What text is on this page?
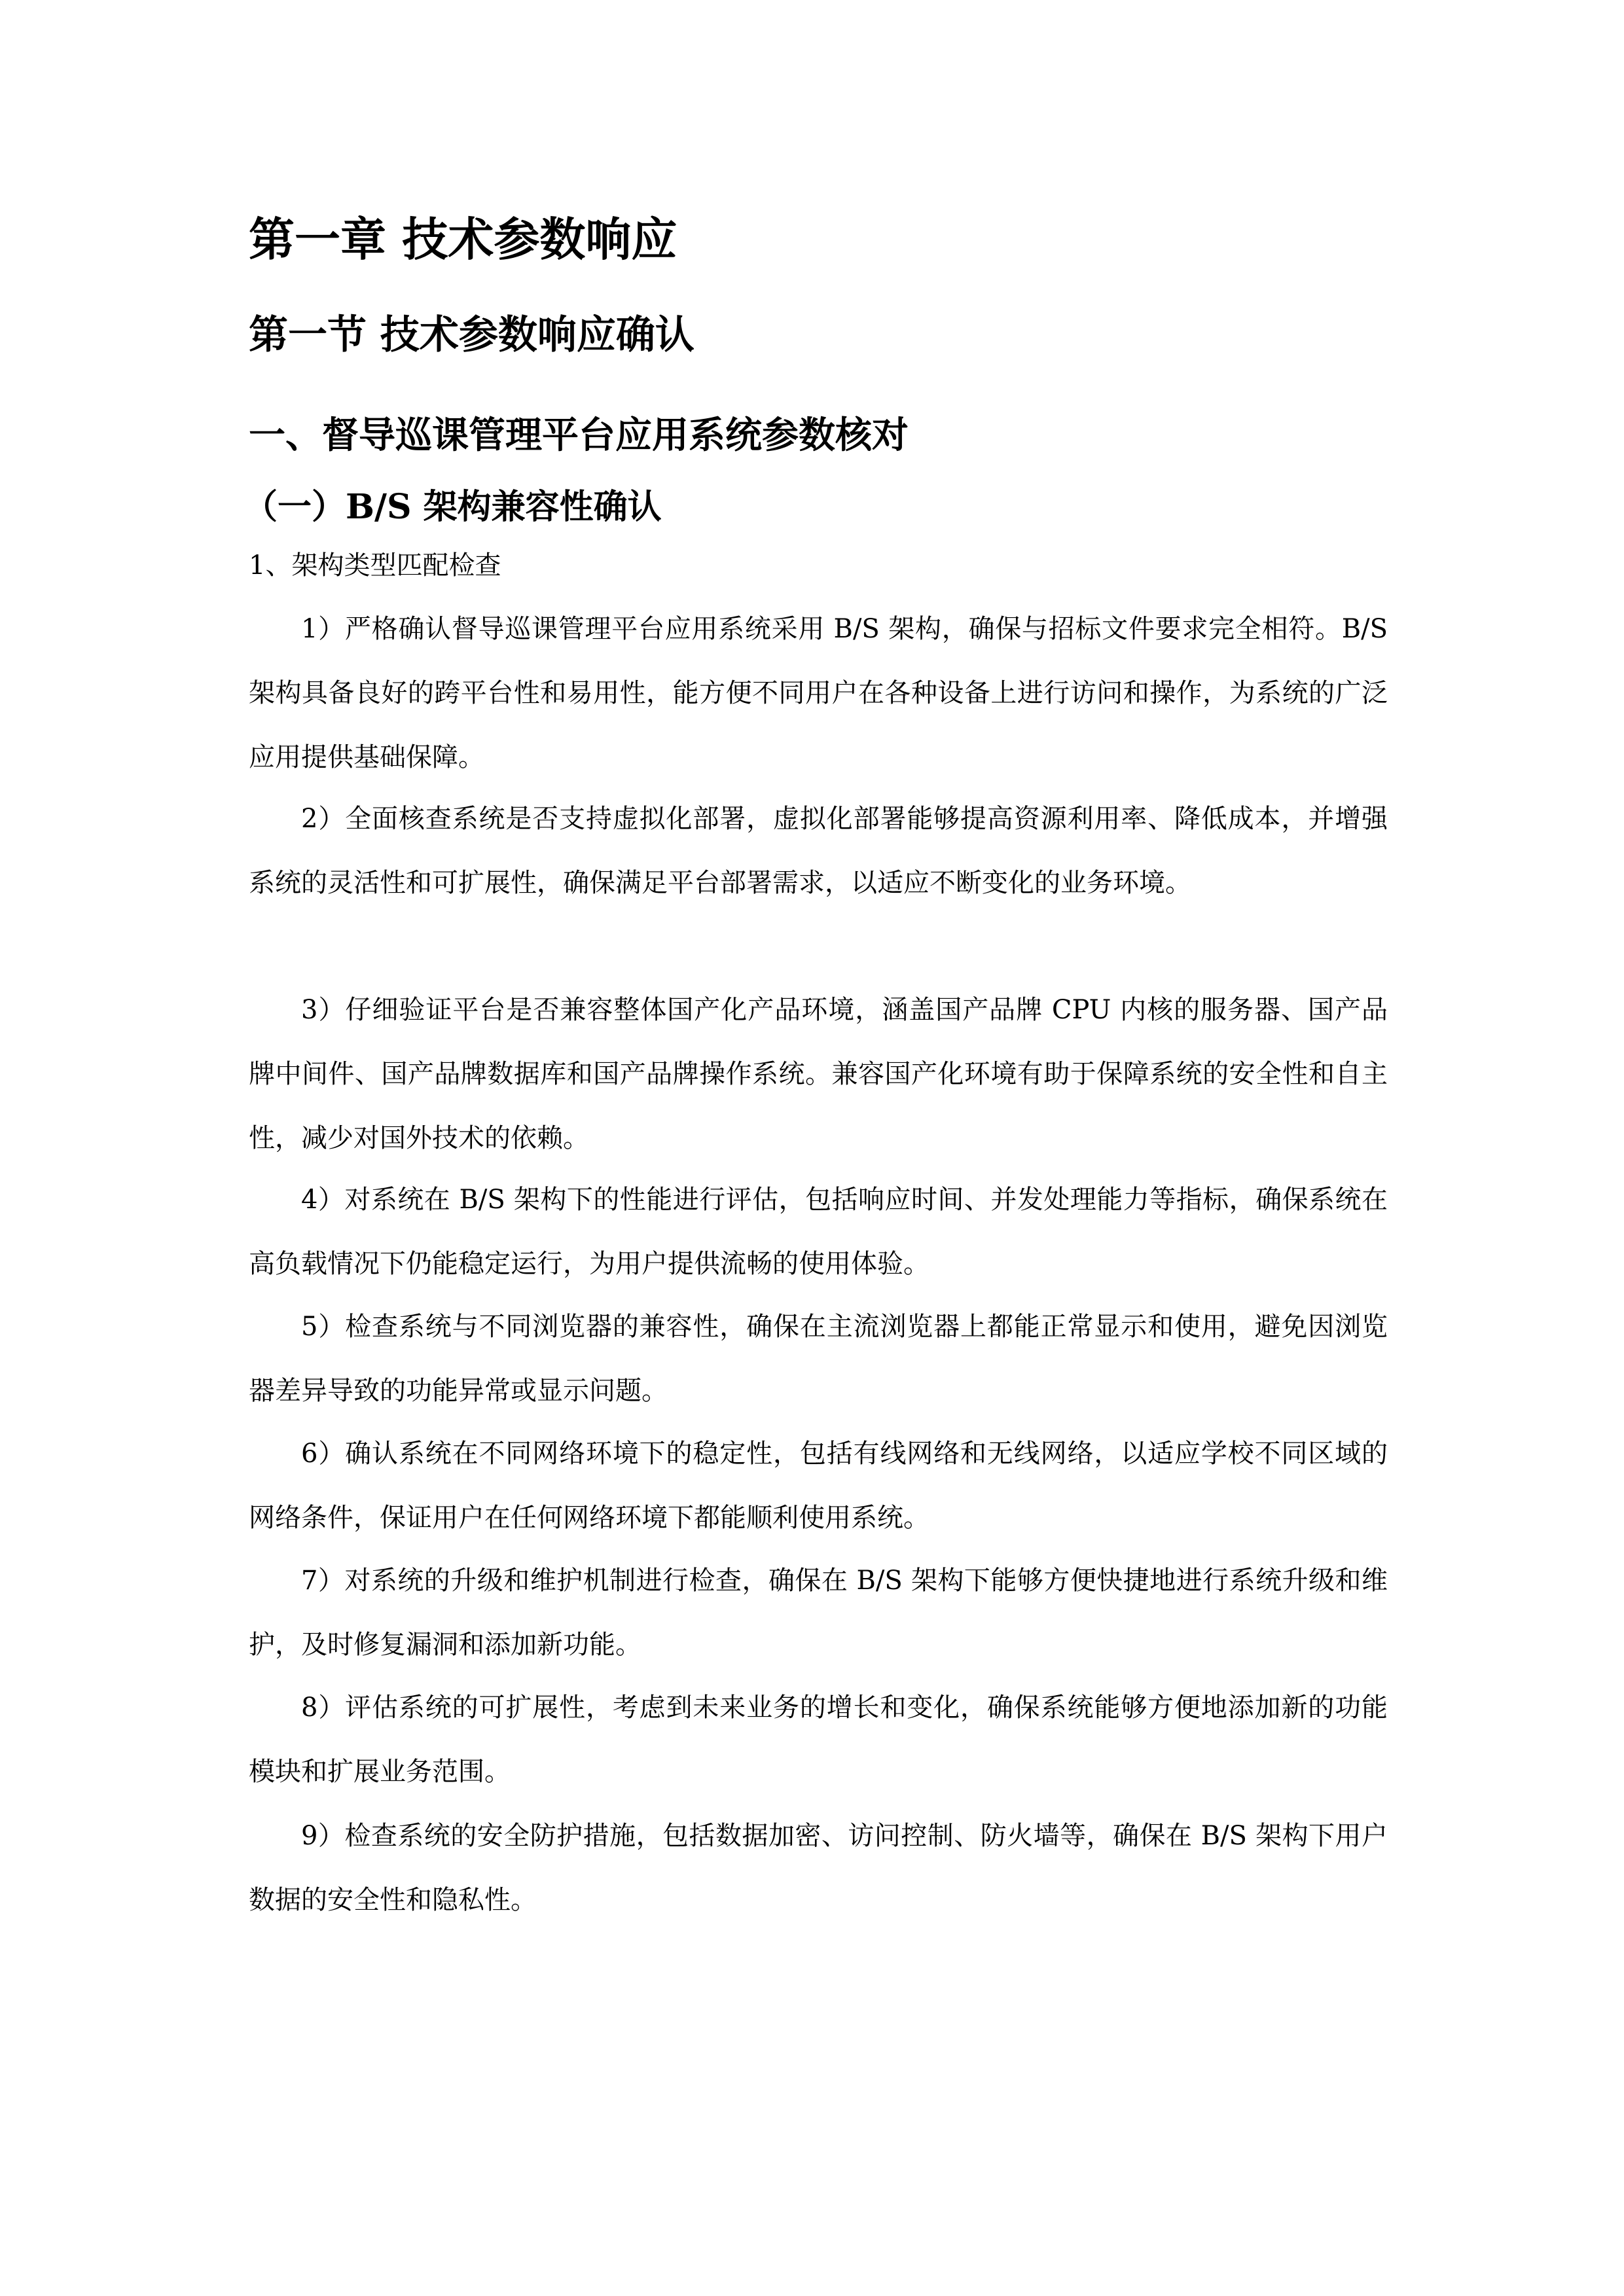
第一章 技术参数响应
第一节 技术参数响应确认
一、督导巡课管理平台应用系统参数核对
（一）B/S 架构兼容性确认
1、架构类型匹配检查

1）严格确认督导巡课管理平台应用系统采用 B/S 架构，确保与招标文件要求完全相符。B/S 架构具备良好的跨平台性和易用性，能方便不同用户在各种设备上进行访问和操作，为系统的广泛应用提供基础保障。

2）全面核查系统是否支持虚拟化部署，虚拟化部署能够提高资源利用率、降低成本，并增强系统的灵活性和可扩展性，确保满足平台部署需求，以适应不断变化的业务环境。

3）仔细验证平台是否兼容整体国产化产品环境，涵盖国产品牌 CPU 内核的服务器、国产品牌中间件、国产品牌数据库和国产品牌操作系统。兼容国产化环境有助于保障系统的安全性和自主性，减少对国外技术的依赖。

4）对系统在 B/S 架构下的性能进行评估，包括响应时间、并发处理能力等指标，确保系统在高负载情况下仍能稳定运行，为用户提供流畅的使用体验。

5）检查系统与不同浏览器的兼容性，确保在主流浏览器上都能正常显示和使用，避免因浏览器差异导致的功能异常或显示问题。

6）确认系统在不同网络环境下的稳定性，包括有线网络和无线网络，以适应学校不同区域的网络条件，保证用户在任何网络环境下都能顺利使用系统。

7）对系统的升级和维护机制进行检查，确保在 B/S 架构下能够方便快捷地进行系统升级和维护，及时修复漏洞和添加新功能。

8）评估系统的可扩展性，考虑到未来业务的增长和变化，确保系统能够方便地添加新的功能模块和扩展业务范围。

9）检查系统的安全防护措施，包括数据加密、访问控制、防火墙等，确保在 B/S 架构下用户数据的安全性和隐私性。
